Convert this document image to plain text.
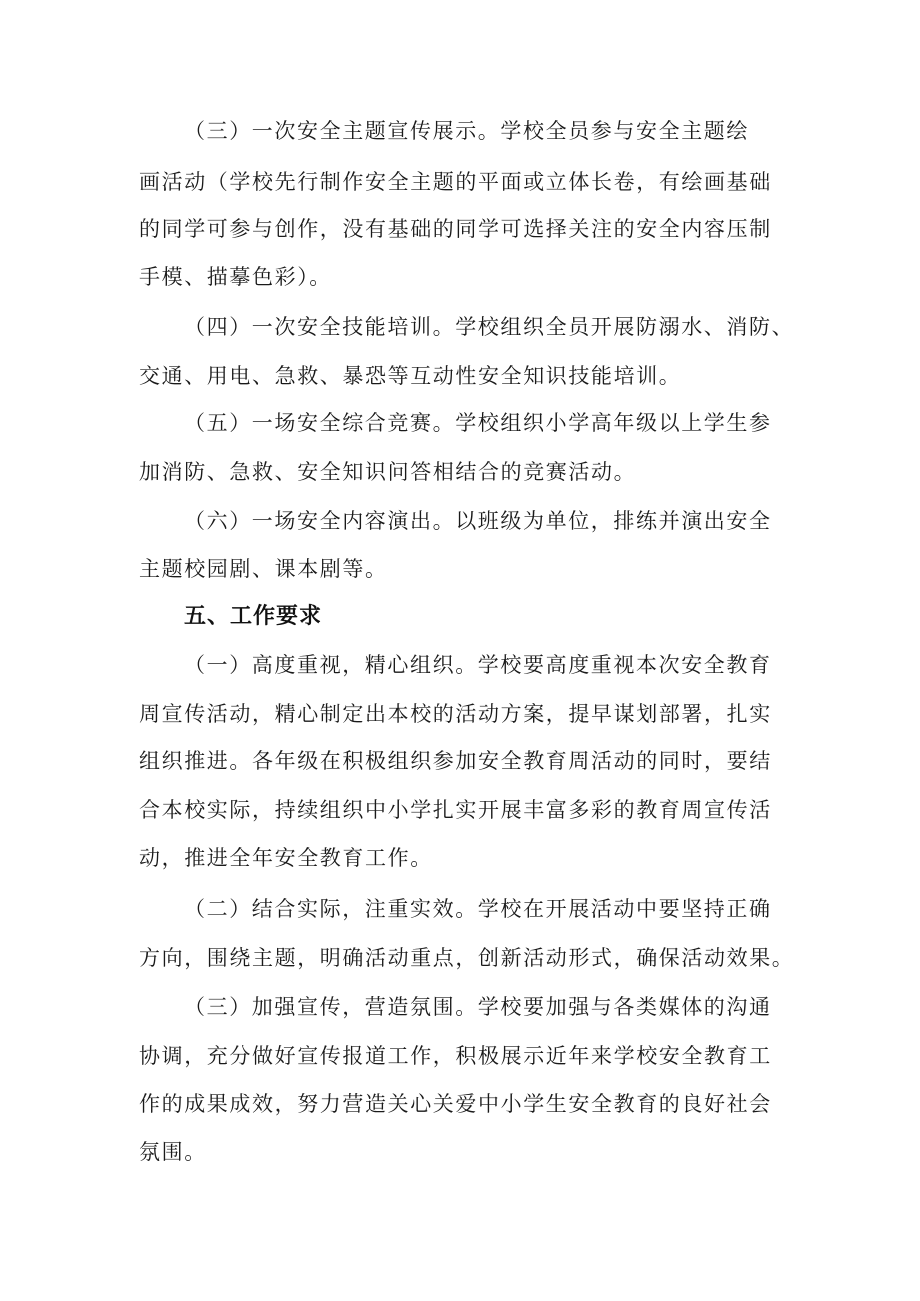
（三）一次安全主题宣传展示。学校全员参与安全主题绘
画活动（学校先行制作安全主题的平面或立体长卷，有绘画基础
的同学可参与创作，没有基础的同学可选择关注的安全内容压制
手模、描摹色彩）。
（四）一次安全技能培训。学校组织全员开展防溺水、消防、
交通、用电、急救、暴恐等互动性安全知识技能培训。
（五）一场安全综合竞赛。学校组织小学高年级以上学生参
加消防、急救、安全知识问答相结合的竞赛活动。
（六）一场安全内容演出。以班级为单位，排练并演出安全
主题校园剧、课本剧等。
五、工作要求
（一）高度重视，精心组织。学校要高度重视本次安全教育
周宣传活动，精心制定出本校的活动方案，提早谋划部署，扎实
组织推进。各年级在积极组织参加安全教育周活动的同时，要结
合本校实际，持续组织中小学扎实开展丰富多彩的教育周宣传活
动，推进全年安全教育工作。
（二）结合实际，注重实效。学校在开展活动中要坚持正确
方向，围绕主题，明确活动重点，创新活动形式，确保活动效果。
（三）加强宣传，营造氛围。学校要加强与各类媒体的沟通
协调，充分做好宣传报道工作，积极展示近年来学校安全教育工
作的成果成效，努力营造关心关爱中小学生安全教育的良好社会
氛围。
